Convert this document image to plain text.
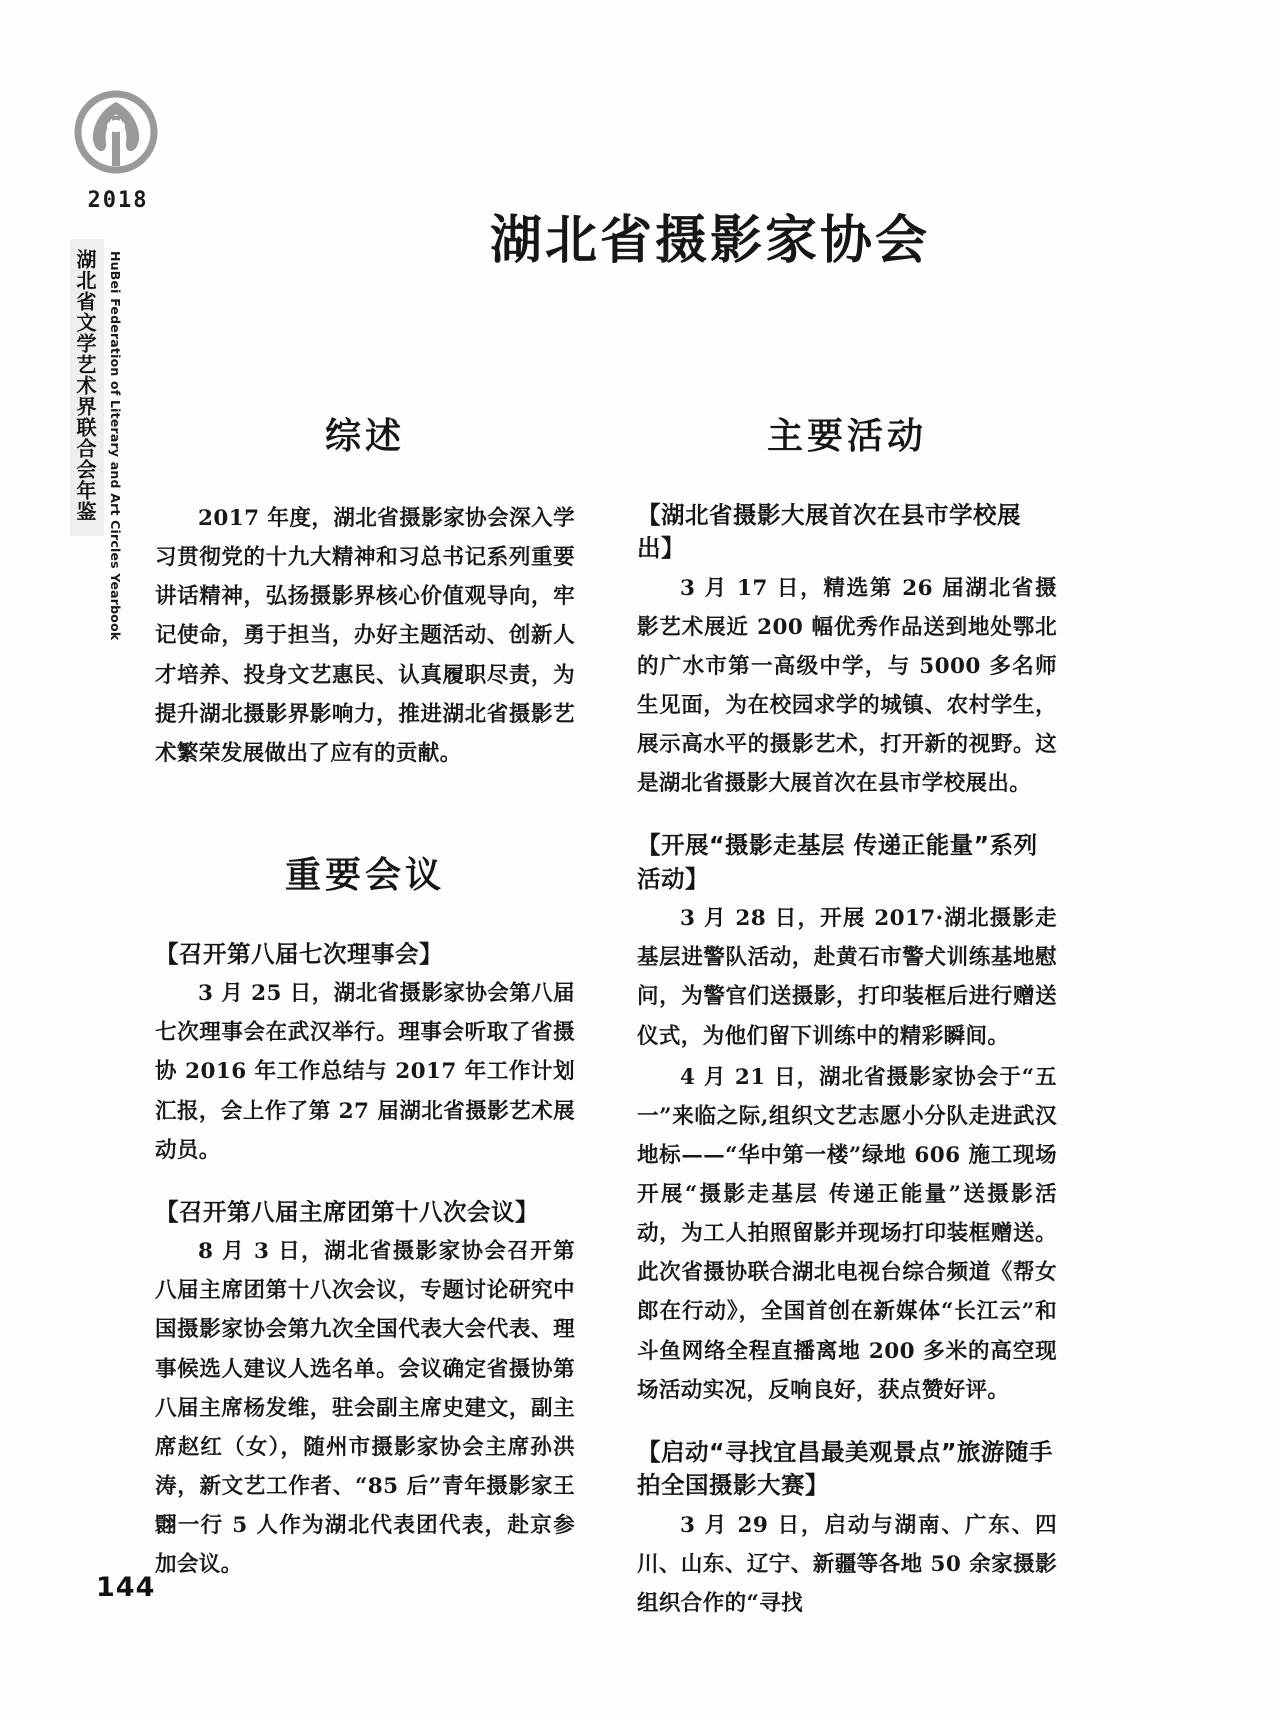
2018
湖北省文学艺术界联合会年鉴 HuBei Federation of Literary and Art Circles Yearbook
湖北省摄影家协会
综述

2017 年度，湖北省摄影家协会深入学习贯彻党的十九大精神和习总书记系列重要讲话精神，弘扬摄影界核心价值观导向，牢记使命，勇于担当，办好主题活动、创新人才培养、投身文艺惠民、认真履职尽责，为提升湖北摄影界影响力，推进湖北省摄影艺术繁荣发展做出了应有的贡献。

重要会议
【召开第八届七次理事会】

3 月 25 日，湖北省摄影家协会第八届七次理事会在武汉举行。理事会听取了省摄协 2016 年工作总结与 2017 年工作计划汇报，会上作了第 27 届湖北省摄影艺术展动员。

【召开第八届主席团第十八次会议】

8 月 3 日，湖北省摄影家协会召开第八届主席团第十八次会议，专题讨论研究中国摄影家协会第九次全国代表大会代表、理事候选人建议人选名单。会议确定省摄协第八届主席杨发维，驻会副主席史建文，副主席赵红（女），随州市摄影家协会主席孙洪涛，新文艺工作者、“85 后”青年摄影家王翾一行 5 人作为湖北代表团代表，赴京参加会议。

主要活动
【湖北省摄影大展首次在县市学校展出】

3 月 17 日，精选第 26 届湖北省摄影艺术展近 200 幅优秀作品送到地处鄂北的广水市第一高级中学，与 5000 多名师生见面，为在校园求学的城镇、农村学生，展示高水平的摄影艺术，打开新的视野。这是湖北省摄影大展首次在县市学校展出。

【开展“摄影走基层 传递正能量”系列活动】

3 月 28 日，开展 2017·湖北摄影走基层进警队活动，赴黄石市警犬训练基地慰问，为警官们送摄影，打印装框后进行赠送仪式，为他们留下训练中的精彩瞬间。

4 月 21 日，湖北省摄影家协会于“五一”来临之际,组织文艺志愿小分队走进武汉地标——“华中第一楼”绿地 606 施工现场开展“摄影走基层 传递正能量”送摄影活动，为工人拍照留影并现场打印装框赠送。此次省摄协联合湖北电视台综合频道《帮女郎在行动》，全国首创在新媒体“长江云”和斗鱼网络全程直播离地 200 多米的高空现场活动实况，反响良好，获点赞好评。

【启动“寻找宜昌最美观景点”旅游随手拍全国摄影大赛】

3 月 29 日，启动与湖南、广东、四川、山东、辽宁、新疆等各地 50 余家摄影组织合作的“寻找

144
